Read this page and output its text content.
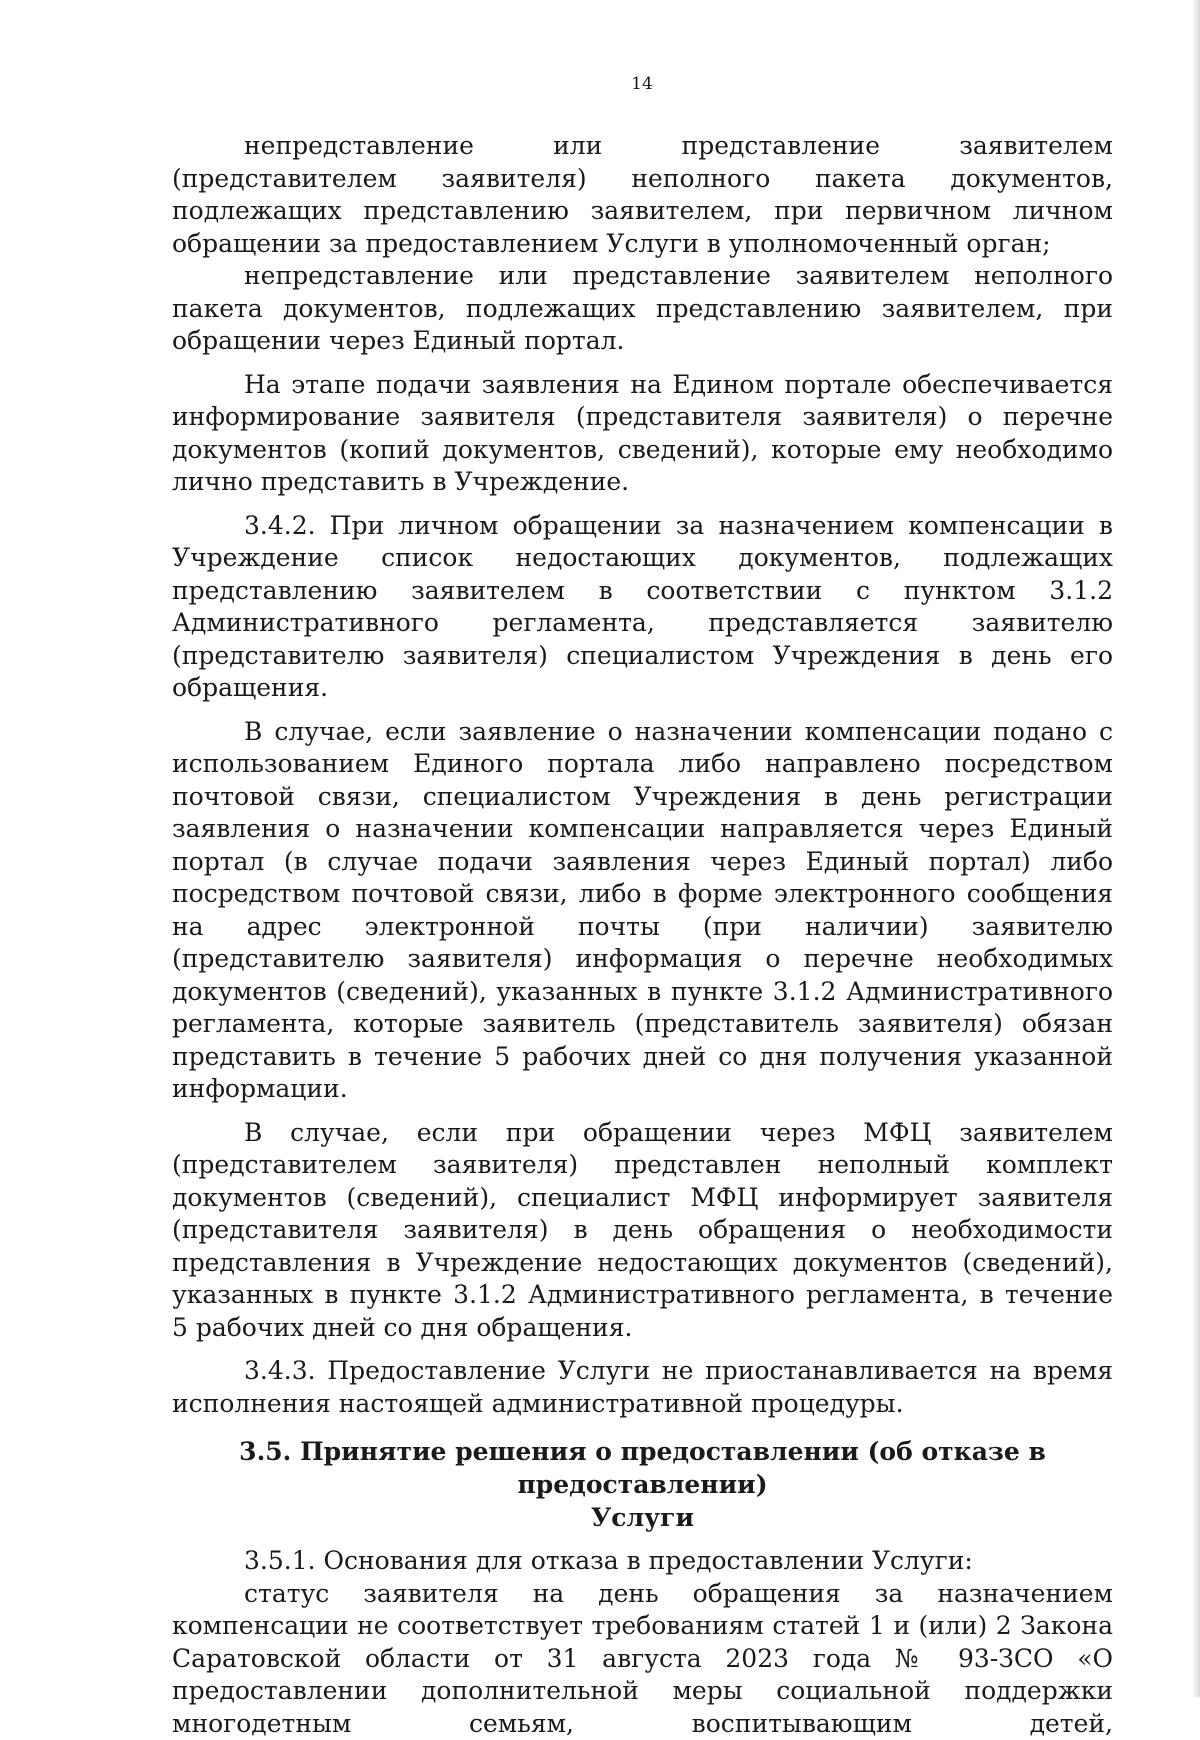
14

непредставление или представление заявителем (представителем заявителя) неполного пакета документов, подлежащих представлению заявителем, при первичном личном обращении за предоставлением Услуги в уполномоченный орган;

непредставление или представление заявителем неполного пакета документов, подлежащих представлению заявителем, при обращении через Единый портал.

На этапе подачи заявления на Едином портале обеспечивается информирование заявителя (представителя заявителя) о перечне документов (копий документов, сведений), которые ему необходимо лично представить в Учреждение.

3.4.2. При личном обращении за назначением компенсации в Учреждение список недостающих документов, подлежащих представлению заявителем в соответствии с пунктом 3.1.2 Административного регламента, представляется заявителю (представителю заявителя) специалистом Учреждения в день его обращения.

В случае, если заявление о назначении компенсации подано с использованием Единого портала либо направлено посредством почтовой связи, специалистом Учреждения в день регистрации заявления о назначении компенсации направляется через Единый портал (в случае подачи заявления через Единый портал) либо посредством почтовой связи, либо в форме электронного сообщения на адрес электронной почты (при наличии) заявителю (представителю заявителя) информация о перечне необходимых документов (сведений), указанных в пункте 3.1.2 Административного регламента, которые заявитель (представитель заявителя) обязан представить в течение 5 рабочих дней со дня получения указанной информации.

В случае, если при обращении через МФЦ заявителем (представителем заявителя) представлен неполный комплект документов (сведений), специалист МФЦ информирует заявителя (представителя заявителя) в день обращения о необходимости представления в Учреждение недостающих документов (сведений), указанных в пункте 3.1.2 Административного регламента, в течение 5 рабочих дней со дня обращения.

3.4.3. Предоставление Услуги не приостанавливается на время исполнения настоящей административной процедуры.

3.5. Принятие решения о предоставлении (об отказе в предоставлении)
Услуги

3.5.1. Основания для отказа в предоставлении Услуги:

статус заявителя на день обращения за назначением компенсации не соответствует требованиям статей 1 и (или) 2 Закона Саратовской области от 31 августа 2023 года № 93-ЗСО «О предоставлении дополнительной меры социальной поддержки многодетным семьям, воспитывающим детей,
